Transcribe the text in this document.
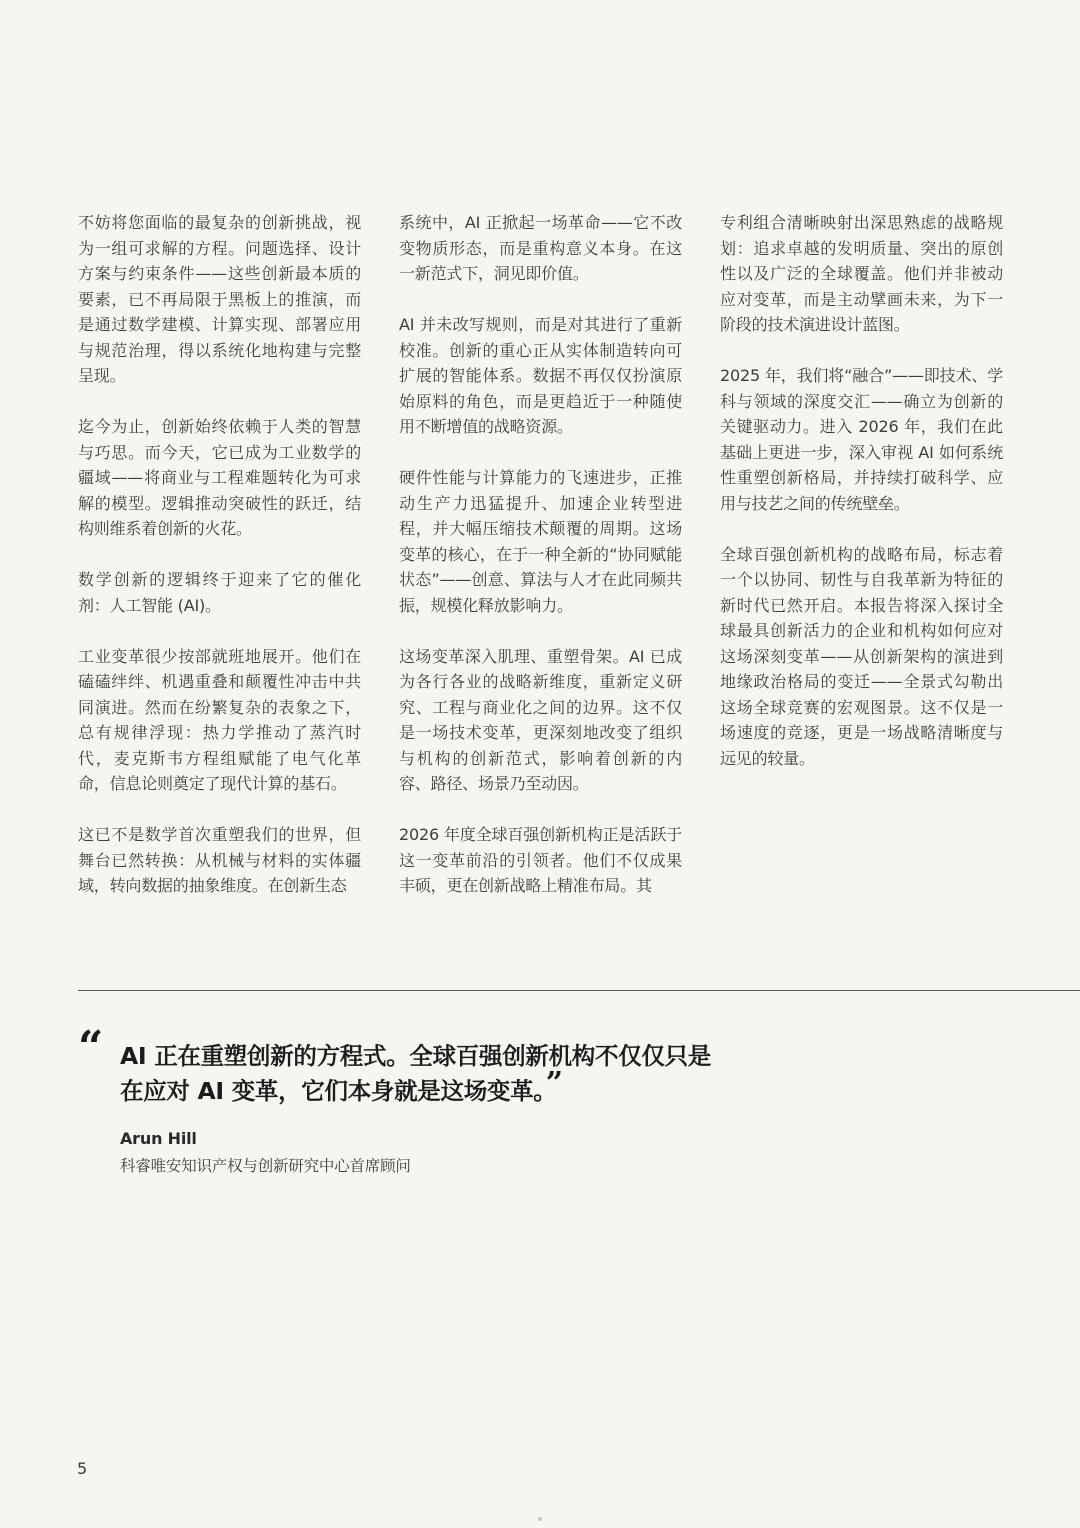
不妨将您面临的最复杂的创新挑战，视为一组可求解的方程。问题选择、设计方案与约束条件——这些创新最本质的要素，已不再局限于黑板上的推演，而是通过数学建模、计算实现、部署应用与规范治理，得以系统化地构建与完整呈现。

迄今为止，创新始终依赖于人类的智慧与巧思。而今天，它已成为工业数学的疆域——将商业与工程难题转化为可求解的模型。逻辑推动突破性的跃迁，结构则维系着创新的火花。

数学创新的逻辑终于迎来了它的催化剂：人工智能 (AI)。

工业变革很少按部就班地展开。他们在磕磕绊绊、机遇重叠和颠覆性冲击中共同演进。然而在纷繁复杂的表象之下，总有规律浮现：热力学推动了蒸汽时代，麦克斯韦方程组赋能了电气化革命，信息论则奠定了现代计算的基石。

这已不是数学首次重塑我们的世界，但舞台已然转换：从机械与材料的实体疆域，转向数据的抽象维度。在创新生态

系统中，AI 正掀起一场革命——它不改变物质形态，而是重构意义本身。在这一新范式下，洞见即价值。

AI 并未改写规则，而是对其进行了重新校准。创新的重心正从实体制造转向可扩展的智能体系。数据不再仅仅扮演原始原料的角色，而是更趋近于一种随使用不断增值的战略资源。

硬件性能与计算能力的飞速进步，正推动生产力迅猛提升、加速企业转型进程，并大幅压缩技术颠覆的周期。这场变革的核心，在于一种全新的“协同赋能状态”——创意、算法与人才在此同频共振，规模化释放影响力。

这场变革深入肌理、重塑骨架。AI 已成为各行各业的战略新维度，重新定义研究、工程与商业化之间的边界。这不仅是一场技术变革，更深刻地改变了组织与机构的创新范式，影响着创新的内容、路径、场景乃至动因。

2026 年度全球百强创新机构正是活跃于这一变革前沿的引领者。他们不仅成果丰硕，更在创新战略上精准布局。其

专利组合清晰映射出深思熟虑的战略规划：追求卓越的发明质量、突出的原创性以及广泛的全球覆盖。他们并非被动应对变革，而是主动擘画未来，为下一阶段的技术演进设计蓝图。

2025 年，我们将“融合”——即技术、学科与领域的深度交汇——确立为创新的关键驱动力。进入 2026 年，我们在此基础上更进一步，深入审视 AI 如何系统性重塑创新格局，并持续打破科学、应用与技艺之间的传统壁垒。

全球百强创新机构的战略布局，标志着一个以协同、韧性与自我革新为特征的新时代已然开启。本报告将深入探讨全球最具创新活力的企业和机构如何应对这场深刻变革——从创新架构的演进到地缘政治格局的变迁——全景式勾勒出这场全球竞赛的宏观图景。这不仅是一场速度的竞逐，更是一场战略清晰度与远见的较量。

“ AI 正在重塑创新的方程式。全球百强创新机构不仅仅只是
在应对 AI 变革，它们本身就是这场变革。”
Arun Hill
科睿唯安知识产权与创新研究中心首席顾问
5
